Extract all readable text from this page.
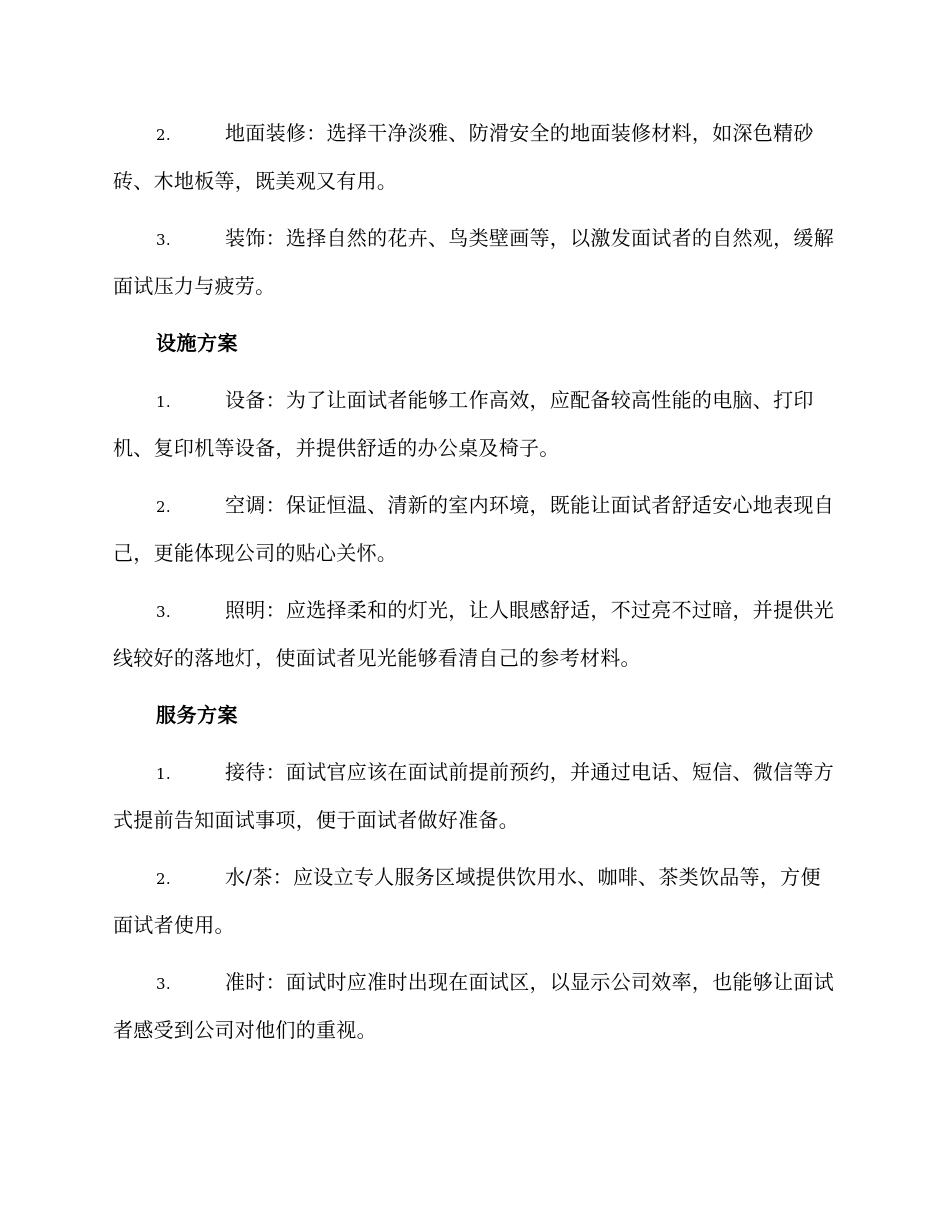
2.	地面装修：选择干净淡雅、防滑安全的地面装修材料，如深色精砂砖、木地板等，既美观又有用。
3.	装饰：选择自然的花卉、鸟类壁画等，以激发面试者的自然观，缓解面试压力与疲劳。
设施方案
1.	设备：为了让面试者能够工作高效，应配备较高性能的电脑、打印机、复印机等设备，并提供舒适的办公桌及椅子。
2.	空调：保证恒温、清新的室内环境，既能让面试者舒适安心地表现自己，更能体现公司的贴心关怀。
3.	照明：应选择柔和的灯光，让人眼感舒适，不过亮不过暗，并提供光线较好的落地灯，使面试者见光能够看清自己的参考材料。
服务方案
1.	接待：面试官应该在面试前提前预约，并通过电话、短信、微信等方式提前告知面试事项，便于面试者做好准备。
2.	水/茶：应设立专人服务区域提供饮用水、咖啡、茶类饮品等，方便面试者使用。
3.	准时：面试时应准时出现在面试区，以显示公司效率，也能够让面试者感受到公司对他们的重视。
